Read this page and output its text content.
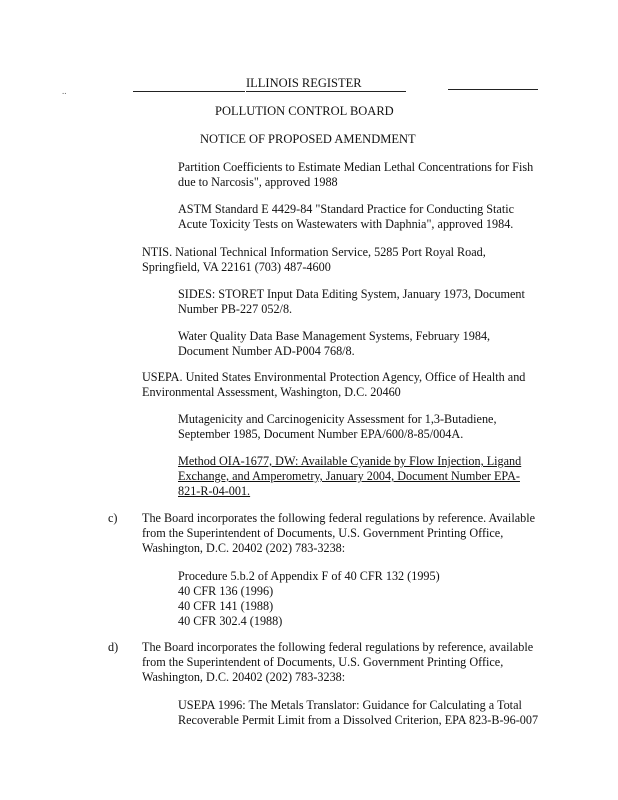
ILLINOIS REGISTER
..
POLLUTION CONTROL BOARD
NOTICE OF PROPOSED AMENDMENT

Partition Coefficients to Estimate Median Lethal Concentrations for Fish

due to Narcosis", approved 1988

ASTM Standard E 4429-84 "Standard Practice for Conducting Static

Acute Toxicity Tests on Wastewaters with Daphnia", approved 1984.

NTIS. National Technical Information Service, 5285 Port Royal Road,

Springfield, VA 22161 (703) 487-4600

SIDES: STORET Input Data Editing System, January 1973, Document

Number PB-227 052/8.

Water Quality Data Base Management Systems, February 1984,

Document Number AD-P004 768/8.

USEPA. United States Environmental Protection Agency, Office of Health and

Environmental Assessment, Washington, D.C. 20460

Mutagenicity and Carcinogenicity Assessment for 1,3-Butadiene,

September 1985, Document Number EPA/600/8-85/004A.

Method OIA-1677, DW: Available Cyanide by Flow Injection, Ligand

Exchange, and Amperometry, January 2004, Document Number EPA-

821-R-04-001.

c) The Board incorporates the following federal regulations by reference. Available

from the Superintendent of Documents, U.S. Government Printing Office,

Washington, D.C. 20402 (202) 783-3238:

Procedure 5.b.2 of Appendix F of 40 CFR 132 (1995)

40 CFR 136 (1996)

40 CFR 141 (1988)

40 CFR 302.4 (1988)

d) The Board incorporates the following federal regulations by reference, available

from the Superintendent of Documents, U.S. Government Printing Office,

Washington, D.C. 20402 (202) 783-3238:

USEPA 1996: The Metals Translator: Guidance for Calculating a Total

Recoverable Permit Limit from a Dissolved Criterion, EPA 823-B-96-007
